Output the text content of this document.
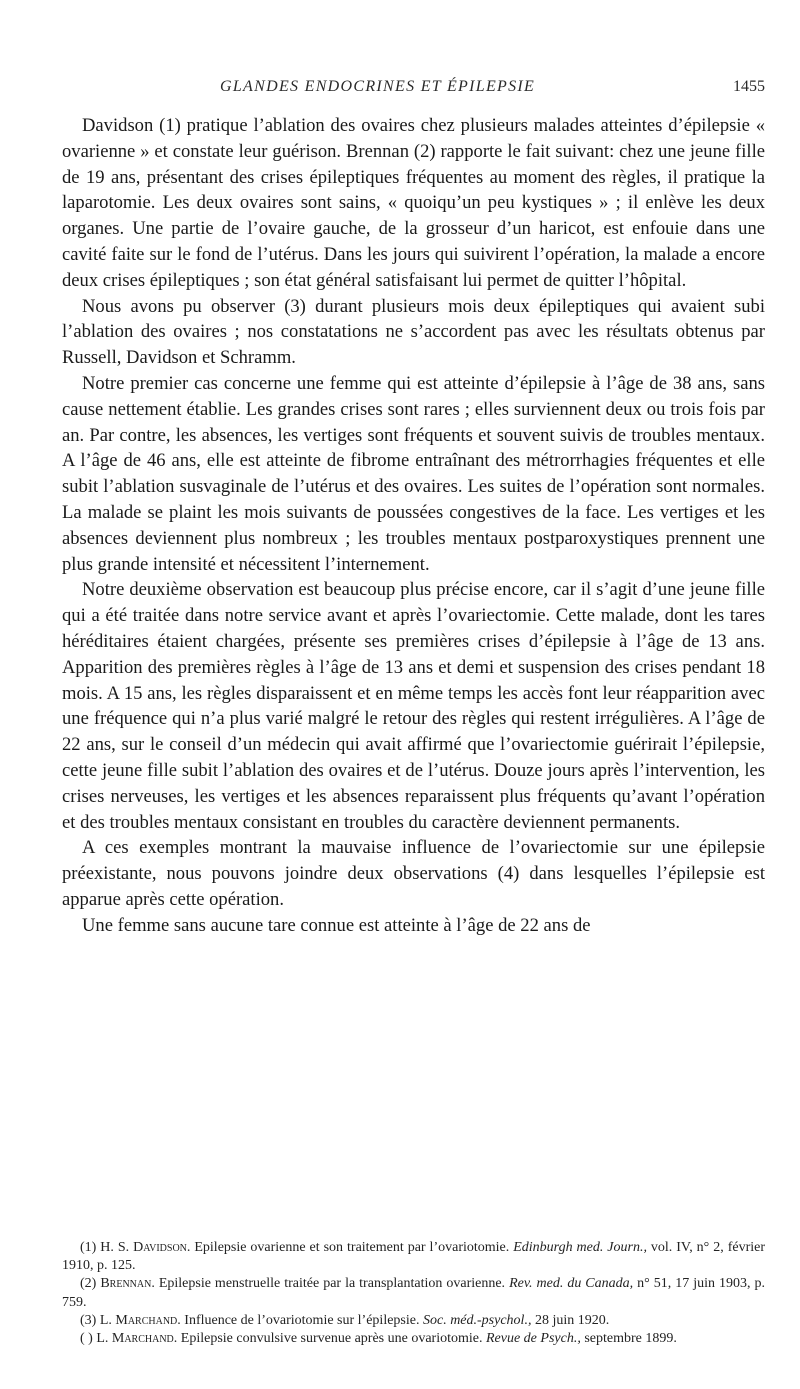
GLANDES ENDOCRINES ET ÉPILEPSIE	1455

Davidson (1) pratique l’ablation des ovaires chez plusieurs malades atteintes d’épilepsie « ovarienne » et constate leur guérison. Brennan (2) rapporte le fait suivant: chez une jeune fille de 19 ans, présentant des crises épileptiques fréquentes au moment des règles, il pratique la laparotomie. Les deux ovaires sont sains, « quoiqu’un peu kystiques » ; il enlève les deux organes. Une partie de l’ovaire gauche, de la grosseur d’un haricot, est enfouie dans une cavité faite sur le fond de l’utérus. Dans les jours qui suivirent l’opération, la malade a encore deux crises épileptiques ; son état général satisfaisant lui permet de quitter l’hôpital.

Nous avons pu observer (3) durant plusieurs mois deux épileptiques qui avaient subi l’ablation des ovaires ; nos constatations ne s’accordent pas avec les résultats obtenus par Russell, Davidson et Schramm.

Notre premier cas concerne une femme qui est atteinte d’épilepsie à l’âge de 38 ans, sans cause nettement établie. Les grandes crises sont rares ; elles surviennent deux ou trois fois par an. Par contre, les absences, les vertiges sont fréquents et souvent suivis de troubles mentaux. A l’âge de 46 ans, elle est atteinte de fibrome entraînant des métrorrhagies fréquentes et elle subit l’ablation susvaginale de l’utérus et des ovaires. Les suites de l’opération sont normales. La malade se plaint les mois suivants de poussées congestives de la face. Les vertiges et les absences deviennent plus nombreux ; les troubles mentaux postparoxystiques prennent une plus grande intensité et nécessitent l’internement.

Notre deuxième observation est beaucoup plus précise encore, car il s’agit d’une jeune fille qui a été traitée dans notre service avant et après l’ovariectomie. Cette malade, dont les tares héréditaires étaient chargées, présente ses premières crises d’épilepsie à l’âge de 13 ans. Apparition des premières règles à l’âge de 13 ans et demi et suspension des crises pendant 18 mois. A 15 ans, les règles disparaissent et en même temps les accès font leur réapparition avec une fréquence qui n’a plus varié malgré le retour des règles qui restent irrégulières. A l’âge de 22 ans, sur le conseil d’un médecin qui avait affirmé que l’ovariectomie guérirait l’épilepsie, cette jeune fille subit l’ablation des ovaires et de l’utérus. Douze jours après l’intervention, les crises nerveuses, les vertiges et les absences reparaissent plus fréquents qu’avant l’opération et des troubles mentaux consistant en troubles du caractère deviennent permanents.

A ces exemples montrant la mauvaise influence de l’ovariectomie sur une épilepsie préexistante, nous pouvons joindre deux observations (4) dans lesquelles l’épilepsie est apparue après cette opération.

Une femme sans aucune tare connue est atteinte à l’âge de 22 ans de

(1) H. S. Davidson. Epilepsie ovarienne et son traitement par l’ovariotomie. Edinburgh med. Journ., vol. IV, n° 2, février 1910, p. 125.

(2) Brennan. Epilepsie menstruelle traitée par la transplantation ovarienne. Rev. med. du Canada, n° 51, 17 juin 1903, p. 759.

(3) L. Marchand. Influence de l’ovariotomie sur l’épilepsie. Soc. méd.-psychol., 28 juin 1920.

( ) L. Marchand. Epilepsie convulsive survenue après une ovariotomie. Revue de Psych., septembre 1899.
